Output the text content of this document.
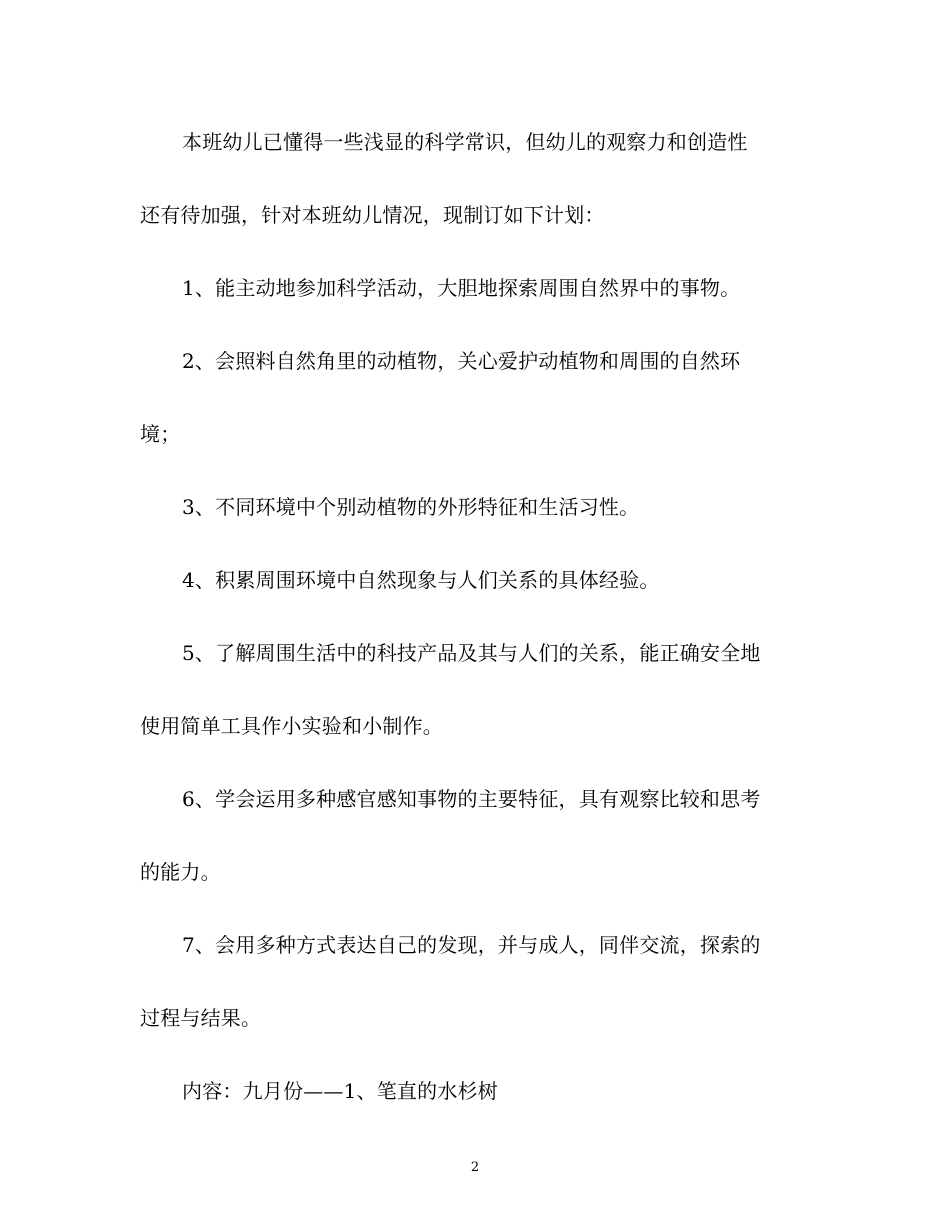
本班幼儿已懂得一些浅显的科学常识，但幼儿的观察力和创造性
还有待加强，针对本班幼儿情况，现制订如下计划：
1、能主动地参加科学活动，大胆地探索周围自然界中的事物。
2、会照料自然角里的动植物，关心爱护动植物和周围的自然环
境；
3、不同环境中个别动植物的外形特征和生活习性。
4、积累周围环境中自然现象与人们关系的具体经验。
5、了解周围生活中的科技产品及其与人们的关系，能正确安全地
使用简单工具作小实验和小制作。
6、学会运用多种感官感知事物的主要特征，具有观察比较和思考
的能力。
7、会用多种方式表达自己的发现，并与成人，同伴交流，探索的
过程与结果。
内容：九月份——1、笔直的水杉树
2
